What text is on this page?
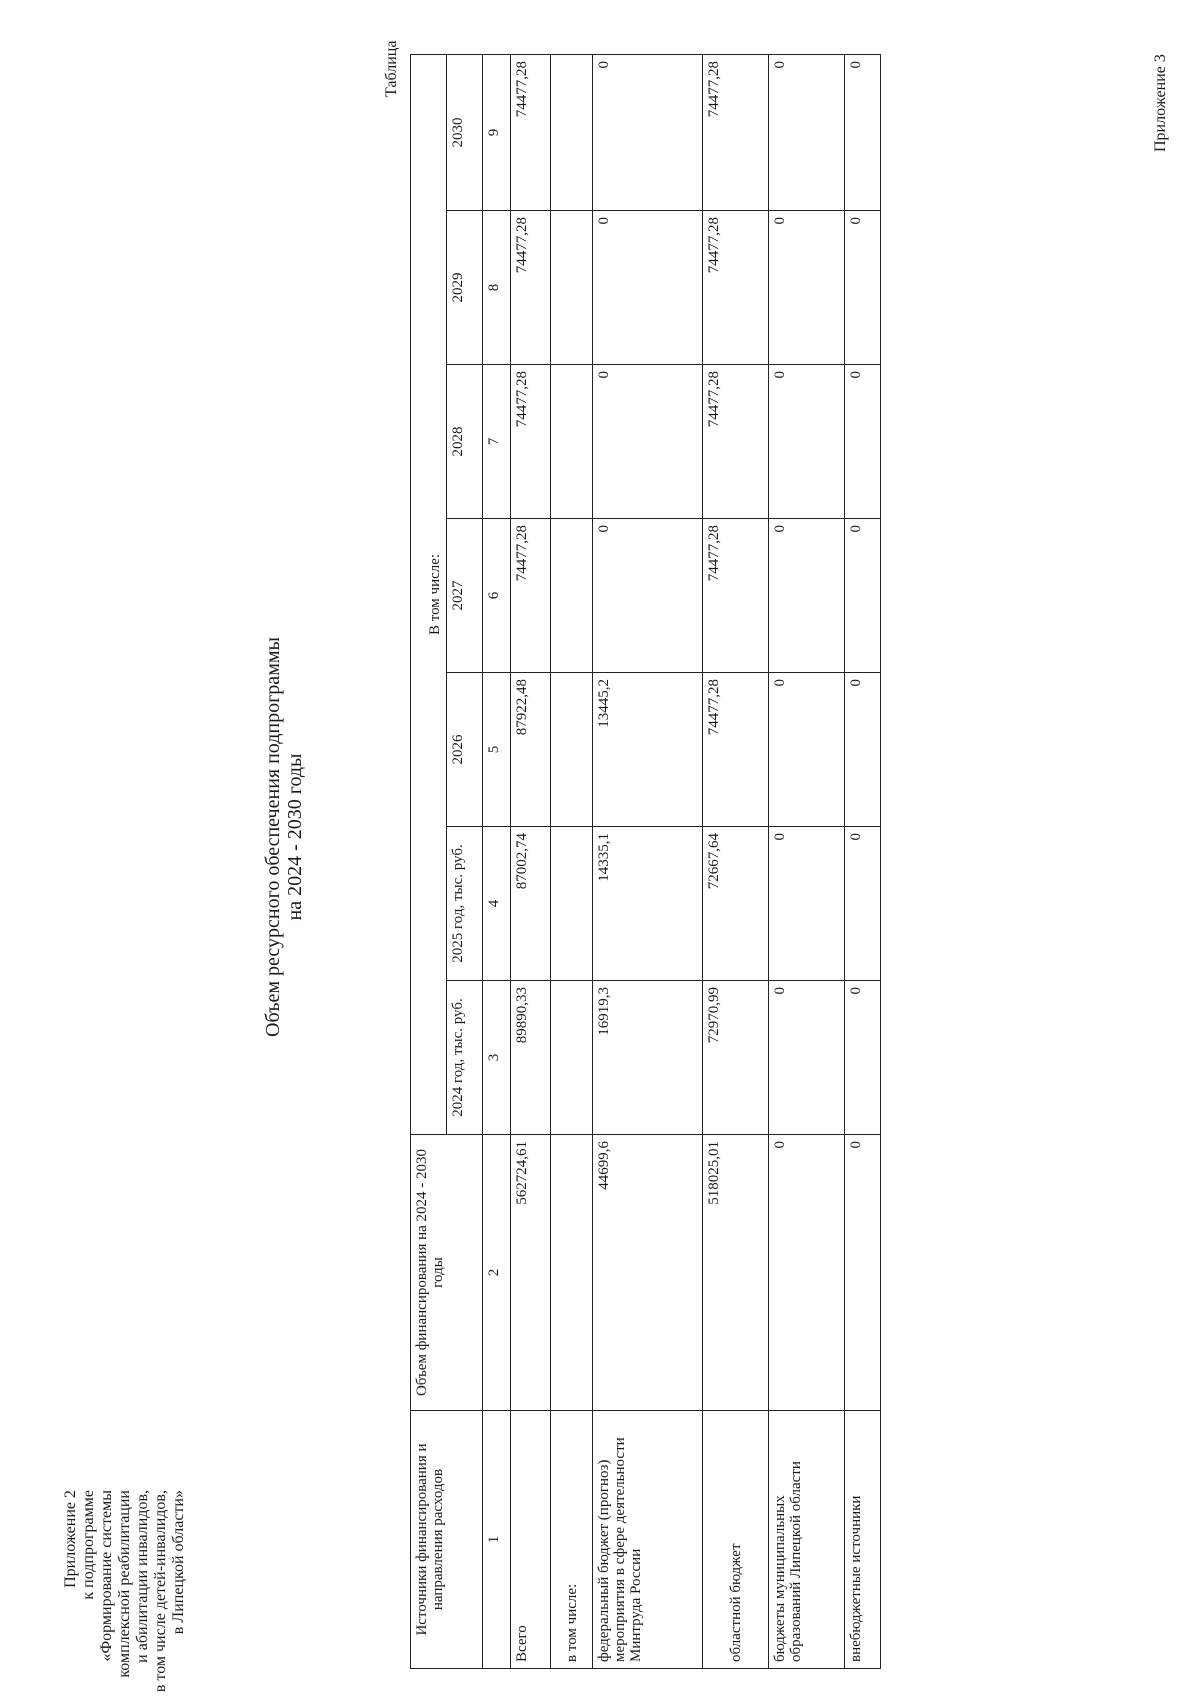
Приложение 2 к подпрограмме «Формирование системы комплексной реабилитации и абилитации инвалидов, в том числе детей-инвалидов, в Липецкой области»
Таблица
Объем ресурсного обеспечения подпрограммы на 2024 - 2030 годы
Источники финансирования и направления расходов	Объем финансирования на 2024 - 2030 годы	В том числе:						
		2024 год, тыс. руб.	2025 год, тыс. руб.	2026	2027	2028	2029	2030
1	2	3	4	5	6	7	8	9
Всего	562724,61	89890,33	87002,74	87922,48	74477,28	74477,28	74477,28	74477,28
в том числе:								
федеральный бюджет (прогноз) мероприятия в сфере деятельности Минтруда России	44699,6	16919,3	14335,1	13445,2	0	0	0	0
областной бюджет	518025,01	72970,99	72667,64	74477,28	74477,28	74477,28	74477,28	74477,28
бюджеты муниципальных образований Липецкой области	0	0	0	0	0	0	0	0
внебюджетные источники	0	0	0	0	0	0	0	0	Приложение 3
